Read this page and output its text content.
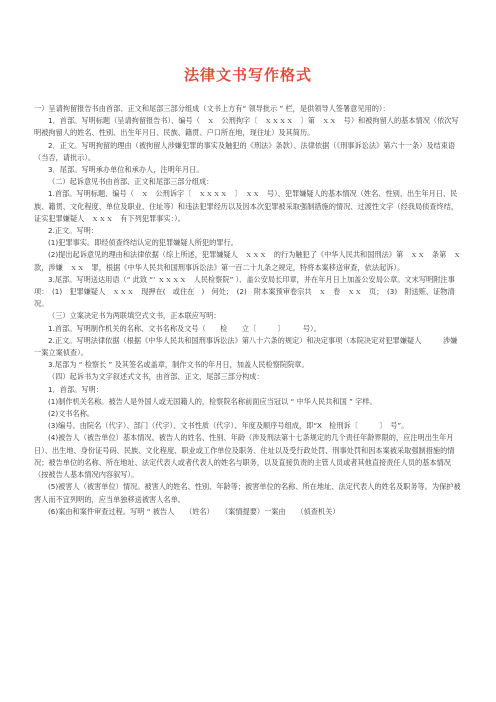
法律文书写作格式

一）呈请拘留报告书由首部、正文和尾部三部分组成（文书上方有“ 领导批示 ” 栏，是供领导人签署意见用的）：

1．首部。写明标题（呈请拘留报告书）、编号（　ｘ　公刑拘字〔　ｘｘｘｘ　〕第　ｘｘ　号）和被拘留人的基本情况（依次写明被拘留人的姓名、性别、出生年月日、民族、籍贯、户口所在地，现住址）及其简历。

2．正文。写明拘留的理由（被拘留人涉嫌犯罪的事实及触犯的《刑法》条款）、法律依据（《刑事诉讼法》第六十一条）及结束语（当否，请批示）。

3．尾部。写明承办单位和承办人，注明年月日。

（二）起诉意见书由首部、正文和尾部三部分组成：

1.首部。写明标题、编号（　ｘ　公刑诉字〔　ｘｘｘｘ　〕　ｘｘ　号）、犯罪嫌疑人的基本情况（姓名、性别、出生年月日、民族、籍贯、文化程度、单位及职业、住址等）和违法犯罪经历以及因本次犯罪被采取强制措施的情况、过渡性文字（经我局侦查终结，证实犯罪嫌疑人　ｘｘｘ　有下列犯罪事实：）。

2.正文。写明：

(1)犯罪事实。即经侦查终结认定的犯罪嫌疑人所犯的罪行。

(2)提出起诉意见的理由和法律依据（综上所述，犯罪嫌疑人　ｘｘｘ　的行为触犯了《中华人民共和国刑法》第　ｘｘ　条第　ｘ　款，涉嫌　ｘｘ　罪，根据《中华人民共和国刑事诉讼法》第一百二十九条之规定，特将本案移送审查，依法起诉）。

3.尾部。写明送达用语（“ 此致 “‘ ｘｘｘｘ　人民检察院” ）、盖公安局长印章，并在年月日上加盖公安局公章。文末写明附注事项：　(1)　犯罪嫌疑人　ｘｘｘ　现押在(　或住在　)　何处；　(2)　附本案预审卷宗共　ｘ　卷　ｘｘ　页；　(3)　附送赃、证物清况。

（三）立案决定书为两联填空式文书，正本联应写明：

1.首部。写明制作机关的名称、文书名称及文号（　　检　　立〔　　　〕　　　号）。

2.正文。写明法律依据（根据《中华人民共和国刑事诉讼法》第八十六条的规定）和决定事项（本院决定对犯罪嫌疑人　　　涉嫌　　　一案立案侦查）。

3.尾部为 “ 检察长 ” 及其签名或盖章，制作文书的年月日，加盖人民检察院院章。

（四）起诉书为文字叙述式文书，由首部、正文、尾部三部分构成：

1．首部。写明：

(1)制作机关名称。被告人是外国人或无国籍人的，检察院名称前面应当冠以 “ 中华人民共和国 ” 字样。

(2)文书名称。

(3)编号。由院名（代字）、部门（代字）、文书性质（代字）、年度及顺序号组成，即“X　检刑诉〔　　　〕　号”。

(4)被告人（被告单位）基本情况。被告人的姓名、性别、年龄（涉及刑法第十七条规定的几个责任年龄界限的，应注明出生年月日）、出生地、身份证号码、民族、文化程度、职业或工作单位及职务、住址以及受行政处罚、刑事处罚和因本案被采取强制措施的情况；被告单位的名称、所在地址、法定代表人或者代表人的姓名与职务，以及直接负责的主管人员或者其他直接责任人员的基本情况（按被告人基本情况内容叙写）。

(5)被害人（被害单位）情况。被害人的姓名、性别、年龄等；被害单位的名称、所在地址、法定代表人的姓名及职务等。为保护被害人而不宜列明的，应当单独移送被害人名单。

(6)案由和案件审查过程。写明 “ 被告人　　（姓名）　　（案情提要）一案由　　（侦查机关）
